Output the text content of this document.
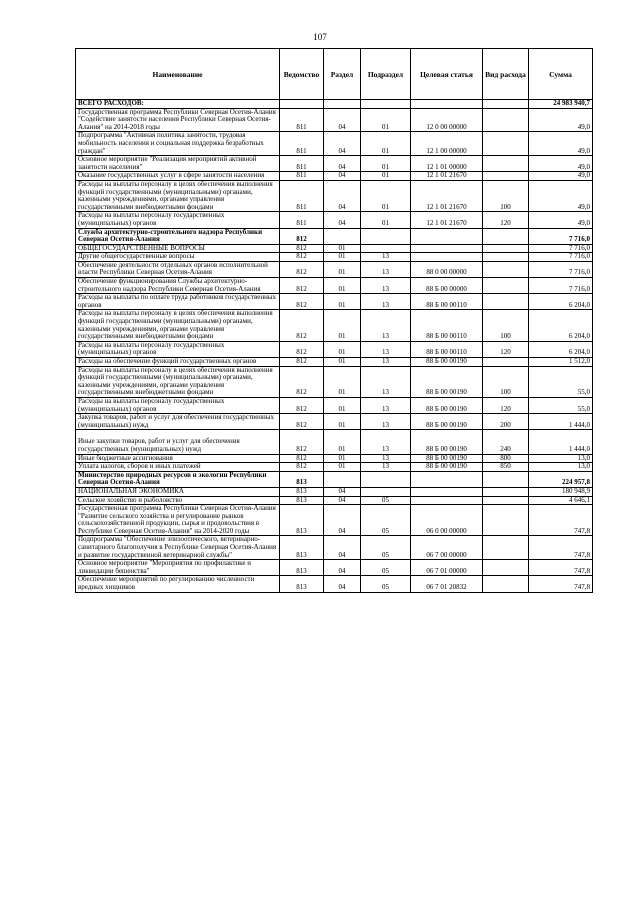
107
Наименование	Ведомство	Раздел	Подраздел	Целевая статья	Вид расхода	Сумма
ВСЕГО РАСХОДОВ:						24 983 940,7
Государственная программа Республики Северная Осетия-Алания "Содействие занятости населения Республики Северная Осетия-Алания" на 2014-2018 годы	811	04	01	12 0 00 00000		49,0
Подпрограмма "Активная политика занятости, трудовая мобильность населения и социальная поддержка безработных граждан"	811	04	01	12 1 00 00000		49,0
Основное мероприятие "Реализация мероприятий активной занятости населения"	811	04	01	12 1 01 00000		49,0
Оказание государственных услуг в сфере занятости населения	811	04	01	12 1 01 21670		49,0
Расходы на выплаты персоналу в целях обеспечения выполнения функций государственными (муниципальными) органами, казенными учреждениями, органами управления государственными внебюджетными фондами	811	04	01	12 1 01 21670	100	49,0
Расходы на выплаты персоналу государственных (муниципальных) органов	811	04	01	12 1 01 21670	120	49,0
Служба архитектурно-строительного надзора Республики Северная Осетия-Алания	812					7 716,0
ОБЩЕГОСУДАРСТВЕННЫЕ ВОПРОСЫ	812	01				7 716,0
Другие общегосударственные вопросы	812	01	13			7 716,0
Обеспечение деятельности отдельных органов исполнительной власти Республики Северная Осетия-Алания	812	01	13	88 0 00 00000		7 716,0
Обеспечение функционирования Службы архитектурно-строительного надзора Республики Северная Осетия-Алания	812	01	13	88 Б 00 00000		7 716,0
Расходы на выплаты по оплате труда работников государственных органов	812	01	13	88 Б 00 00110		6 204,0
Расходы на выплаты персоналу в целях обеспечения выполнения функций государственными (муниципальными) органами, казенными учреждениями, органами управления государственными внебюджетными фондами	812	01	13	88 Б 00 00110	100	6 204,0
Расходы на выплаты персоналу государственных (муниципальных) органов	812	01	13	88 Б 00 00110	120	6 204,0
Расходы на обеспечение функций государственных органов	812	01	13	88 Б 00 00190		1 512,0
Расходы на выплаты персоналу в целях обеспечения выполнения функций государственными (муниципальными) органами, казенными учреждениями, органами управления государственными внебюджетными фондами	812	01	13	88 Б 00 00190	100	55,0
Расходы на выплаты персоналу государственных (муниципальных) органов	812	01	13	88 Б 00 00190	120	55,0
Закупка товаров, работ и услуг для обеспечения государственных (муниципальных) нужд	812	01	13	88 Б 00 00190	200	1 444,0
Иные закупки товаров, работ и услуг для обеспечения государственных (муниципальных) нужд	812	01	13	88 Б 00 00190	240	1 444,0
Иные бюджетные ассигнования	812	01	13	88 Б 00 00190	800	13,0
Уплата налогов, сборов и иных платежей	812	01	13	88 Б 00 00190	850	13,0
Министерство природных ресурсов и экологии Республики Северная Осетия-Алания	813					224 957,8
НАЦИОНАЛЬНАЯ ЭКОНОМИКА	813	04				180 948,9
Сельское хозяйство и рыболовство	813	04	05			4 646,1
Государственная программа Республики Северная Осетия-Алания "Развитие сельского хозяйства и регулирование рынков сельскохозяйственной продукции, сырья и продовольствия в Республике Северная Осетия-Алания" на 2014-2020 годы	813	04	05	06 0 00 00000		747,8
Подпрограмма "Обеспечение эпизоотического, ветеринарно-санитарного благополучия в Республике Северная Осетия-Алания и развитие государственной ветеринарной службы"	813	04	05	06 7 00 00000		747,8
Основное мероприятие "Мероприятия по профилактике и ликвидации бешенства"	813	04	05	06 7 01 00000		747,8
Обеспечение мероприятий по регулированию численности вредных хищников	813	04	05	06 7 01 20832		747,8
